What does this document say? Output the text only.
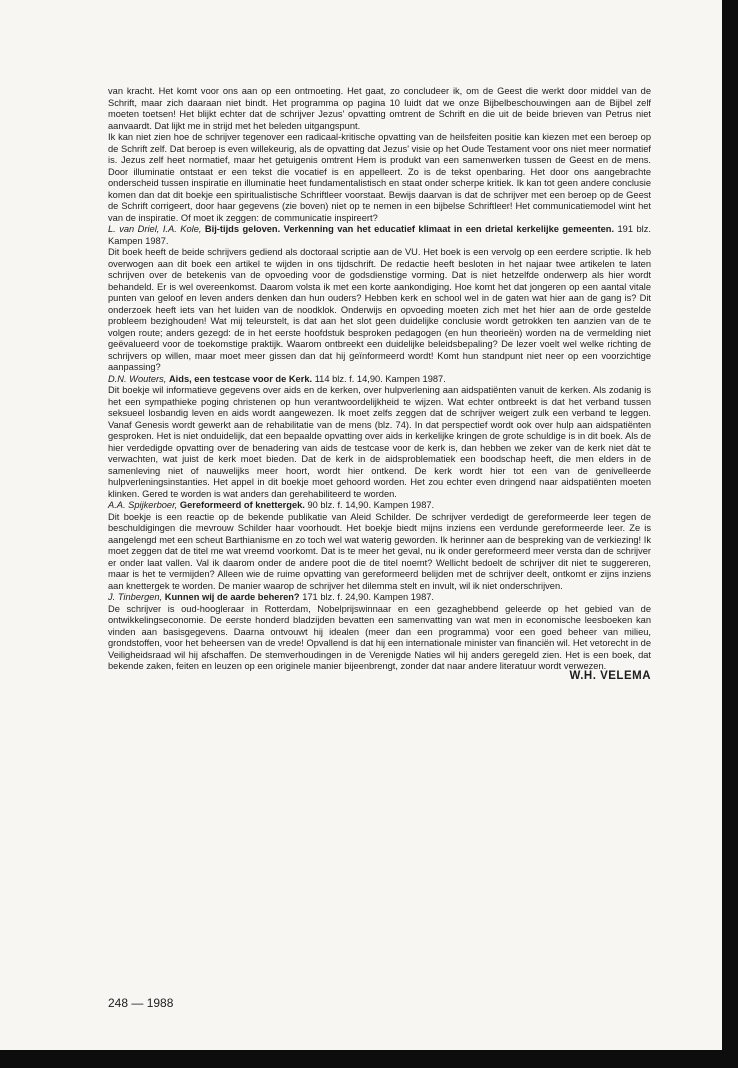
van kracht. Het komt voor ons aan op een ontmoeting. Het gaat, zo concludeer ik, om de Geest die werkt door middel van de Schrift, maar zich daaraan niet bindt. Het programma op pagina 10 luidt dat we onze Bijbelbeschouwingen aan de Bijbel zelf moeten toetsen! Het blijkt echter dat de schrijver Jezus' opvatting omtrent de Schrift en die uit de beide brieven van Petrus niet aanvaardt. Dat lijkt me in strijd met het beleden uitgangspunt.

Ik kan niet zien hoe de schrijver tegenover een radicaal-kritische opvatting van de heilsfeiten positie kan kiezen met een beroep op de Schrift zelf. Dat beroep is even willekeurig, als de opvatting dat Jezus' visie op het Oude Testament voor ons niet meer normatief is. Jezus zelf heet normatief, maar het getuigenis omtrent Hem is produkt van een samenwerken tussen de Geest en de mens. Door illuminatie ontstaat er een tekst die vocatief is en appelleert. Zo is de tekst openbaring. Het door ons aangebrachte onderscheid tussen inspiratie en illuminatie heet fundamentalistisch en staat onder scherpe kritiek. Ik kan tot geen andere conclusie komen dan dat dit boekje een spiritualistische Schriftleer voorstaat. Bewijs daarvan is dat de schrijver met een beroep op de Geest de Schrift corrigeert, door haar gegevens (zie boven) niet op te nemen in een bijbelse Schriftleer! Het communicatiemodel wint het van de inspiratie. Of moet ik zeggen: de communicatie inspireert?

L. van Driel, I.A. Kole, Bij-tijds geloven. Verkenning van het educatief klimaat in een drietal kerkelijke gemeenten. 191 blz. Kampen 1987.

Dit boek heeft de beide schrijvers gediend als doctoraal scriptie aan de VU. Het boek is een vervolg op een eerdere scriptie. Ik heb overwogen aan dit boek een artikel te wijden in ons tijdschrift. De redactie heeft besloten in het najaar twee artikelen te laten schrijven over de betekenis van de opvoeding voor de godsdienstige vorming. Dat is niet hetzelfde onderwerp als hier wordt behandeld. Er is wel overeenkomst. Daarom volsta ik met een korte aankondiging. Hoe komt het dat jongeren op een aantal vitale punten van geloof en leven anders denken dan hun ouders? Hebben kerk en school wel in de gaten wat hier aan de gang is? Dit onderzoek heeft iets van het luiden van de noodklok. Onderwijs en opvoeding moeten zich met het hier aan de orde gestelde probleem bezighouden! Wat mij teleurstelt, is dat aan het slot geen duidelijke conclusie wordt getrokken ten aanzien van de te volgen route; anders gezegd: de in het eerste hoofdstuk besproken pedagogen (en hun theorieën) worden na de vermelding niet geëvalueerd voor de toekomstige praktijk. Waarom ontbreekt een duidelijke beleidsbepaling? De lezer voelt wel welke richting de schrijvers op willen, maar moet meer gissen dan dat hij geïnformeerd wordt! Komt hun standpunt niet neer op een voorzichtige aanpassing?

D.N. Wouters, Aids, een testcase voor de Kerk. 114 blz. f. 14,90. Kampen 1987.

Dit boekje wil informatieve gegevens over aids en de kerken, over hulpverlening aan aidspatiënten vanuit de kerken. Als zodanig is het een sympathieke poging christenen op hun verantwoordelijkheid te wijzen. Wat echter ontbreekt is dat het verband tussen seksueel losbandig leven en aids wordt aangewezen. Ik moet zelfs zeggen dat de schrijver weigert zulk een verband te leggen. Vanaf Genesis wordt gewerkt aan de rehabilitatie van de mens (blz. 74). In dat perspectief wordt ook over hulp aan aidspatiënten gesproken. Het is niet onduidelijk, dat een bepaalde opvatting over aids in kerkelijke kringen de grote schuldige is in dit boek. Als de hier verdedigde opvatting over de benadering van aids de testcase voor de kerk is, dan hebben we zeker van de kerk niet dàt te verwachten, wat juist de kerk moet bieden. Dat de kerk in de aidsproblematiek een boodschap heeft, die men elders in de samenleving niet of nauwelijks meer hoort, wordt hier ontkend. De kerk wordt hier tot een van de genivelleerde hulpverleningsinstanties. Het appel in dit boekje moet gehoord worden. Het zou echter even dringend naar aidspatiënten moeten klinken. Gered te worden is wat anders dan gerehabiliteerd te worden.

A.A. Spijkerboer, Gereformeerd of knettergek. 90 blz. f. 14,90. Kampen 1987.

Dit boekje is een reactie op de bekende publikatie van Aleid Schilder. De schrijver verdedigt de gereformeerde leer tegen de beschuldigingen die mevrouw Schilder haar voorhoudt. Het boekje biedt mijns inziens een verdunde gereformeerde leer. Ze is aangelengd met een scheut Barthianisme en zo toch wel wat waterig geworden. Ik herinner aan de bespreking van de verkiezing! Ik moet zeggen dat de titel me wat vreemd voorkomt. Dat is te meer het geval, nu ik onder gereformeerd meer versta dan de schrijver er onder laat vallen. Val ik daarom onder de andere poot die de titel noemt? Wellicht bedoelt de schrijver dit niet te suggereren, maar is het te vermijden? Alleen wie de ruime opvatting van gereformeerd belijden met de schrijver deelt, ontkomt er zijns inziens aan knettergek te worden. De manier waarop de schrijver het dilemma stelt en invult, wil ik niet onderschrijven.

J. Tinbergen, Kunnen wij de aarde beheren? 171 blz. f. 24,90. Kampen 1987.

De schrijver is oud-hoogleraar in Rotterdam, Nobelprijswinnaar en een gezaghebbend geleerde op het gebied van de ontwikkelingseconomie. De eerste honderd bladzijden bevatten een samenvatting van wat men in economische leesboeken kan vinden aan basisgegevens. Daarna ontvouwt hij idealen (meer dan een programma) voor een goed beheer van milieu, grondstoffen, voor het beheersen van de vrede! Opvallend is dat hij een internationale minister van financiën wil. Het vetorecht in de Veiligheidsraad wil hij afschaffen. De stemverhoudingen in de Verenigde Naties wil hij anders geregeld zien. Het is een boek, dat bekende zaken, feiten en leuzen op een originele manier bijeenbrengt, zonder dat naar andere literatuur wordt verwezen.

W.H. VELEMA
248 — 1988
